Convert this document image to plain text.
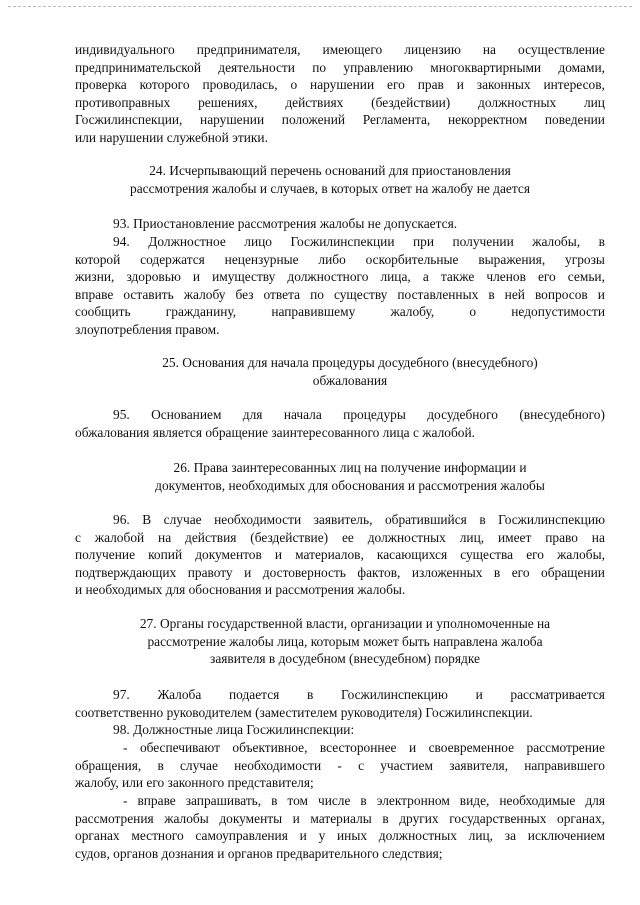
индивидуального предпринимателя, имеющего лицензию на осуществление
предпринимательской деятельности по управлению многоквартирными домами,
проверка которого проводилась, о нарушении его прав и законных интересов,
противоправных решениях, действиях (бездействии) должностных лиц
Госжилинспекции, нарушении положений Регламента, некорректном поведении
или нарушении служебной этики.
24. Исчерпывающий перечень оснований для приостановления
рассмотрения жалобы и случаев, в которых ответ на жалобу не дается
93. Приостановление рассмотрения жалобы не допускается.
94. Должностное лицо Госжилинспекции при получении жалобы, в
которой содержатся нецензурные либо оскорбительные выражения, угрозы
жизни, здоровью и имуществу должностного лица, а также членов его семьи,
вправе оставить жалобу без ответа по существу поставленных в ней вопросов и
сообщить	гражданину,	направившему	жалобу,	о	недопустимости
злоупотребления правом.
25. Основания для начала процедуры досудебного (внесудебного)
обжалования
95. Основанием для начала процедуры досудебного (внесудебного)
обжалования является обращение заинтересованного лица с жалобой.
26. Права заинтересованных лиц на получение информации и
документов, необходимых для обоснования и рассмотрения жалобы
96. В случае необходимости заявитель, обратившийся в Госжилинспекцию
с жалобой на действия (бездействие) ее должностных лиц, имеет право на
получение копий документов и материалов, касающихся существа его жалобы,
подтверждающих правоту и достоверность фактов, изложенных в его обращении
и необходимых для обоснования и рассмотрения жалобы.
27. Органы государственной власти, организации и уполномоченные на
рассмотрение жалобы лица, которым может быть направлена жалоба
заявителя в досудебном (внесудебном) порядке
97. Жалоба подается в Госжилинспекцию и рассматривается
соответственно руководителем (заместителем руководителя) Госжилинспекции.
98. Должностные лица Госжилинспекции:
- обеспечивают объективное, всестороннее и своевременное рассмотрение
обращения, в случае необходимости - с участием заявителя, направившего
жалобу, или его законного представителя;
- вправе запрашивать, в том числе в электронном виде, необходимые для
рассмотрения жалобы документы и материалы в других государственных органах,
органах местного самоуправления и у иных должностных лиц, за исключением
судов, органов дознания и органов предварительного следствия;
